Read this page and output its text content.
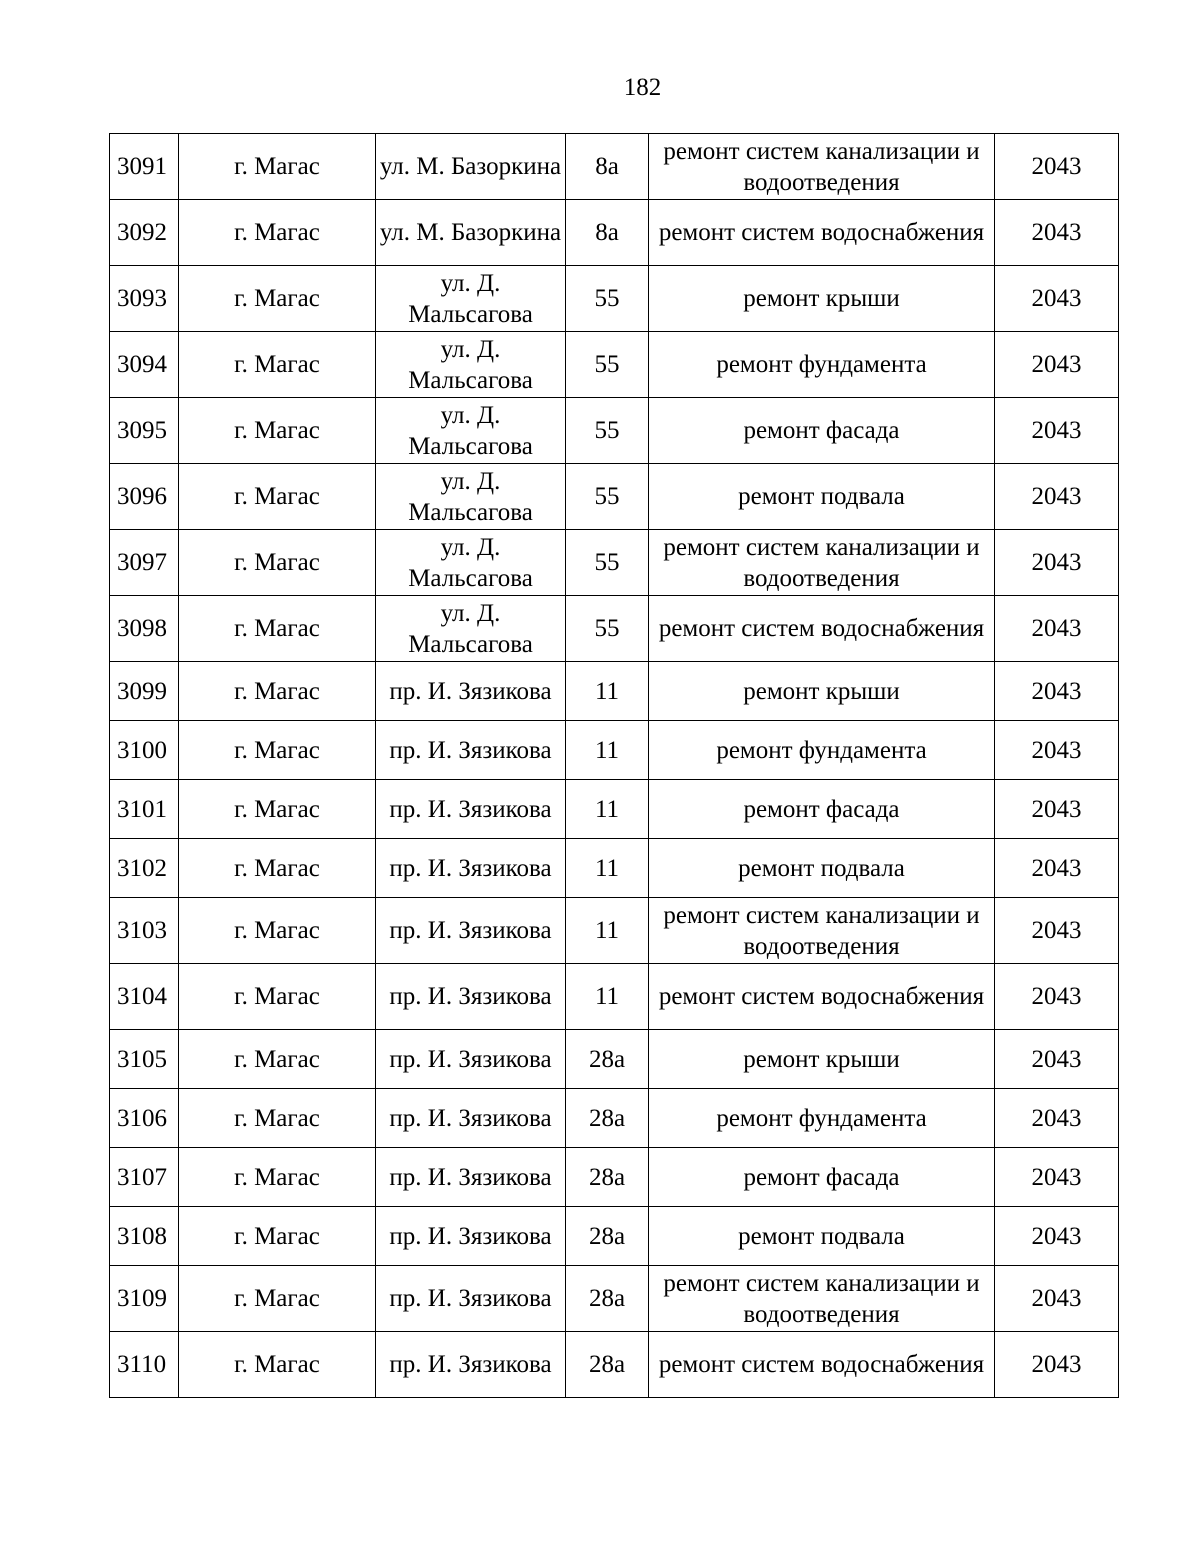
182
3091	г. Магас	ул. М. Базоркина	8а	ремонт систем канализации и водоотведения	2043
3092	г. Магас	ул. М. Базоркина	8а	ремонт систем водоснабжения	2043
3093	г. Магас	ул. Д. Мальсагова	55	ремонт крыши	2043
3094	г. Магас	ул. Д. Мальсагова	55	ремонт фундамента	2043
3095	г. Магас	ул. Д. Мальсагова	55	ремонт фасада	2043
3096	г. Магас	ул. Д. Мальсагова	55	ремонт подвала	2043
3097	г. Магас	ул. Д. Мальсагова	55	ремонт систем канализации и водоотведения	2043
3098	г. Магас	ул. Д. Мальсагова	55	ремонт систем водоснабжения	2043
3099	г. Магас	пр. И. Зязикова	11	ремонт крыши	2043
3100	г. Магас	пр. И. Зязикова	11	ремонт фундамента	2043
3101	г. Магас	пр. И. Зязикова	11	ремонт фасада	2043
3102	г. Магас	пр. И. Зязикова	11	ремонт подвала	2043
3103	г. Магас	пр. И. Зязикова	11	ремонт систем канализации и водоотведения	2043
3104	г. Магас	пр. И. Зязикова	11	ремонт систем водоснабжения	2043
3105	г. Магас	пр. И. Зязикова	28а	ремонт крыши	2043
3106	г. Магас	пр. И. Зязикова	28а	ремонт фундамента	2043
3107	г. Магас	пр. И. Зязикова	28а	ремонт фасада	2043
3108	г. Магас	пр. И. Зязикова	28а	ремонт подвала	2043
3109	г. Магас	пр. И. Зязикова	28а	ремонт систем канализации и водоотведения	2043
3110	г. Магас	пр. И. Зязикова	28а	ремонт систем водоснабжения	2043
